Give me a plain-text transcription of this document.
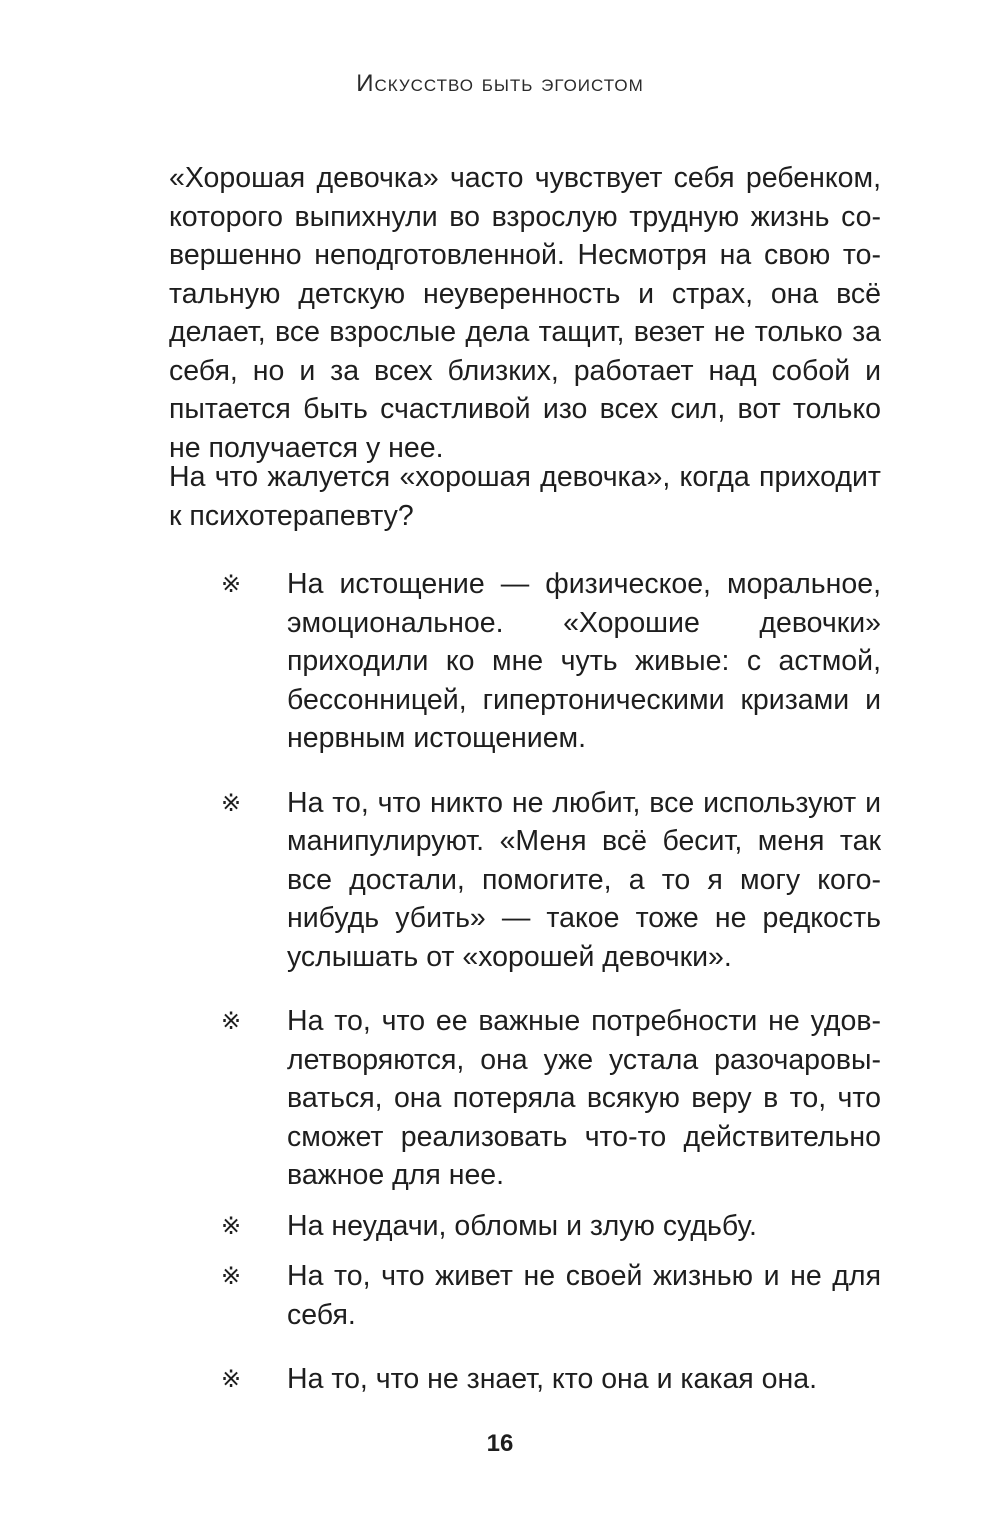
Искусство быть эгоистом

«Хорошая девочка» часто чувствует себя ребенком, которого выпихнули во взрослую трудную жизнь совершенно неподготовленной. Несмотря на свою тотальную детскую неуверенность и страх, она всё делает, все взрослые дела тащит, везет не только за себя, но и за всех близких, работает над собой и пытается быть счастливой изо всех сил, вот только не получается у нее.

На что жалуется «хорошая девочка», когда приходит к психотерапевту?

※ На истощение — физическое, моральное, эмоциональное. «Хорошие девочки» приходили ко мне чуть живые: с астмой, бессонницей, гипертоническими кризами и нервным истощением.
※ На то, что никто не любит, все используют и манипулируют. «Меня всё бесит, меня так все достали, помогите, а то я могу кого-нибудь убить» — такое тоже не редкость услышать от «хорошей девочки».
※ На то, что ее важные потребности не удовлетворяются, она уже устала разочаровываться, она потеряла всякую веру в то, что сможет реализовать что-то действительно важное для нее.
※ На неудачи, обломы и злую судьбу.
※ На то, что живет не своей жизнью и не для себя.
※ На то, что не знает, кто она и какая она.
16
